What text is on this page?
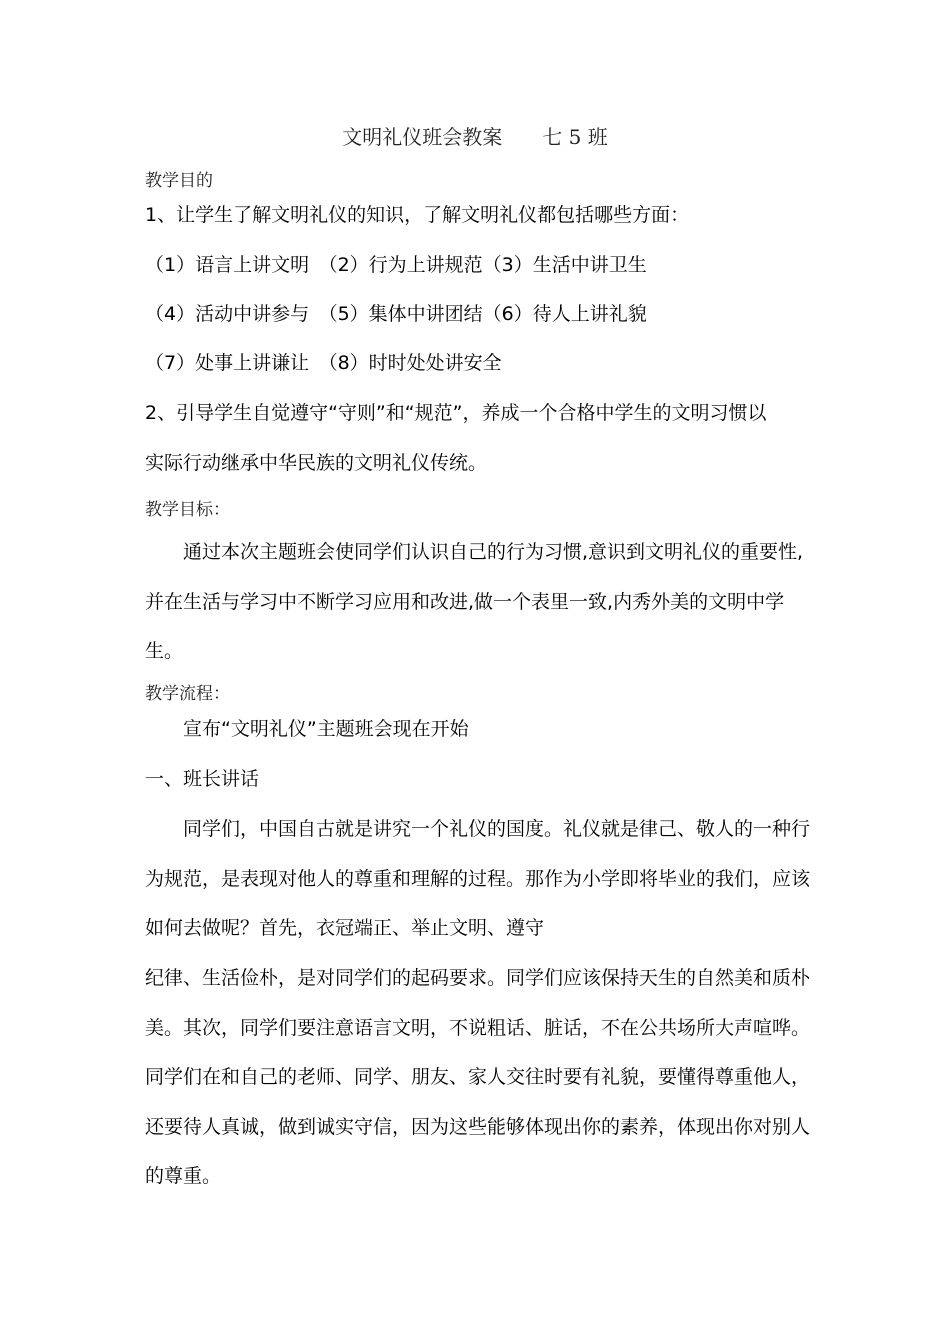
文明礼仪班会教案 七 5 班
教学目的
1、让学生了解文明礼仪的知识，了解文明礼仪都包括哪些方面：
（1）语言上讲文明　（2）行为上讲规范（3）生活中讲卫生
（4）活动中讲参与　（5）集体中讲团结（6）待人上讲礼貌
（7）处事上讲谦让　（8）时时处处讲安全
2、引导学生自觉遵守“守则”和“规范”，养成一个合格中学生的文明习惯以
实际行动继承中华民族的文明礼仪传统。
教学目标：
通过本次主题班会使同学们认识自己的行为习惯,意识到文明礼仪的重要性,
并在生活与学习中不断学习应用和改进,做一个表里一致,内秀外美的文明中学
生。
教学流程：
宣布“文明礼仪”主题班会现在开始
一、班长讲话
同学们，中国自古就是讲究一个礼仪的国度。礼仪就是律己、敬人的一种行
为规范，是表现对他人的尊重和理解的过程。那作为小学即将毕业的我们，应该
如何去做呢？首先，衣冠端正、举止文明、遵守
纪律、生活俭朴，是对同学们的起码要求。同学们应该保持天生的自然美和质朴
美。其次，同学们要注意语言文明，不说粗话、脏话，不在公共场所大声喧哗。
同学们在和自己的老师、同学、朋友、家人交往时要有礼貌，要懂得尊重他人，
还要待人真诚，做到诚实守信，因为这些能够体现出你的素养，体现出你对别人
的尊重。
